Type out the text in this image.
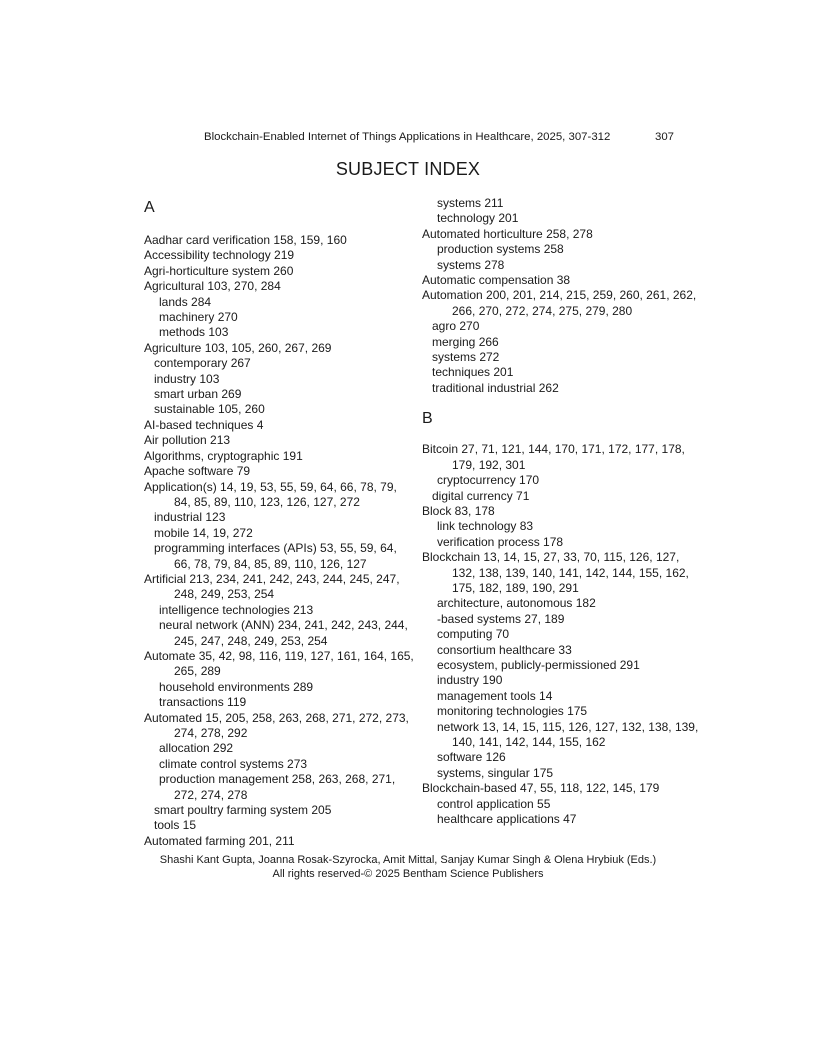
Blockchain-Enabled Internet of Things Applications in Healthcare, 2025, 307-312	307
SUBJECT INDEX
A
Aadhar card verification 158, 159, 160
Accessibility technology 219
Agri-horticulture system 260
Agricultural 103, 270, 284
lands 284
machinery 270
methods 103
Agriculture 103, 105, 260, 267, 269
contemporary 267
industry 103
smart urban 269
sustainable 105, 260
AI-based techniques 4
Air pollution 213
Algorithms, cryptographic 191
Apache software 79
Application(s) 14, 19, 53, 55, 59, 64, 66, 78, 79, 84, 85, 89, 110, 123, 126, 127, 272
industrial 123
mobile 14, 19, 272
programming interfaces (APIs) 53, 55, 59, 64, 66, 78, 79, 84, 85, 89, 110, 126, 127
Artificial 213, 234, 241, 242, 243, 244, 245, 247, 248, 249, 253, 254
intelligence technologies 213
neural network (ANN) 234, 241, 242, 243, 244, 245, 247, 248, 249, 253, 254
Automate 35, 42, 98, 116, 119, 127, 161, 164, 165, 265, 289
household environments 289
transactions 119
Automated 15, 205, 258, 263, 268, 271, 272, 273, 274, 278, 292
allocation 292
climate control systems 273
production management 258, 263, 268, 271, 272, 274, 278
smart poultry farming system 205
tools 15
Automated farming 201, 211
systems 211
technology 201
Automated horticulture 258, 278
production systems 258
systems 278
Automatic compensation 38
Automation 200, 201, 214, 215, 259, 260, 261, 262, 266, 270, 272, 274, 275, 279, 280
agro 270
merging 266
systems 272
techniques 201
traditional industrial 262
B
Bitcoin 27, 71, 121, 144, 170, 171, 172, 177, 178, 179, 192, 301
cryptocurrency 170
digital currency 71
Block 83, 178
link technology 83
verification process 178
Blockchain 13, 14, 15, 27, 33, 70, 115, 126, 127, 132, 138, 139, 140, 141, 142, 144, 155, 162, 175, 182, 189, 190, 291
architecture, autonomous 182
-based systems 27, 189
computing 70
consortium healthcare 33
ecosystem, publicly-permissioned 291
industry 190
management tools 14
monitoring technologies 175
network 13, 14, 15, 115, 126, 127, 132, 138, 139, 140, 141, 142, 144, 155, 162
software 126
systems, singular 175
Blockchain-based 47, 55, 118, 122, 145, 179
control application 55
healthcare applications 47
Shashi Kant Gupta, Joanna Rosak-Szyrocka, Amit Mittal, Sanjay Kumar Singh & Olena Hrybiuk (Eds.)
All rights reserved-© 2025 Bentham Science Publishers
